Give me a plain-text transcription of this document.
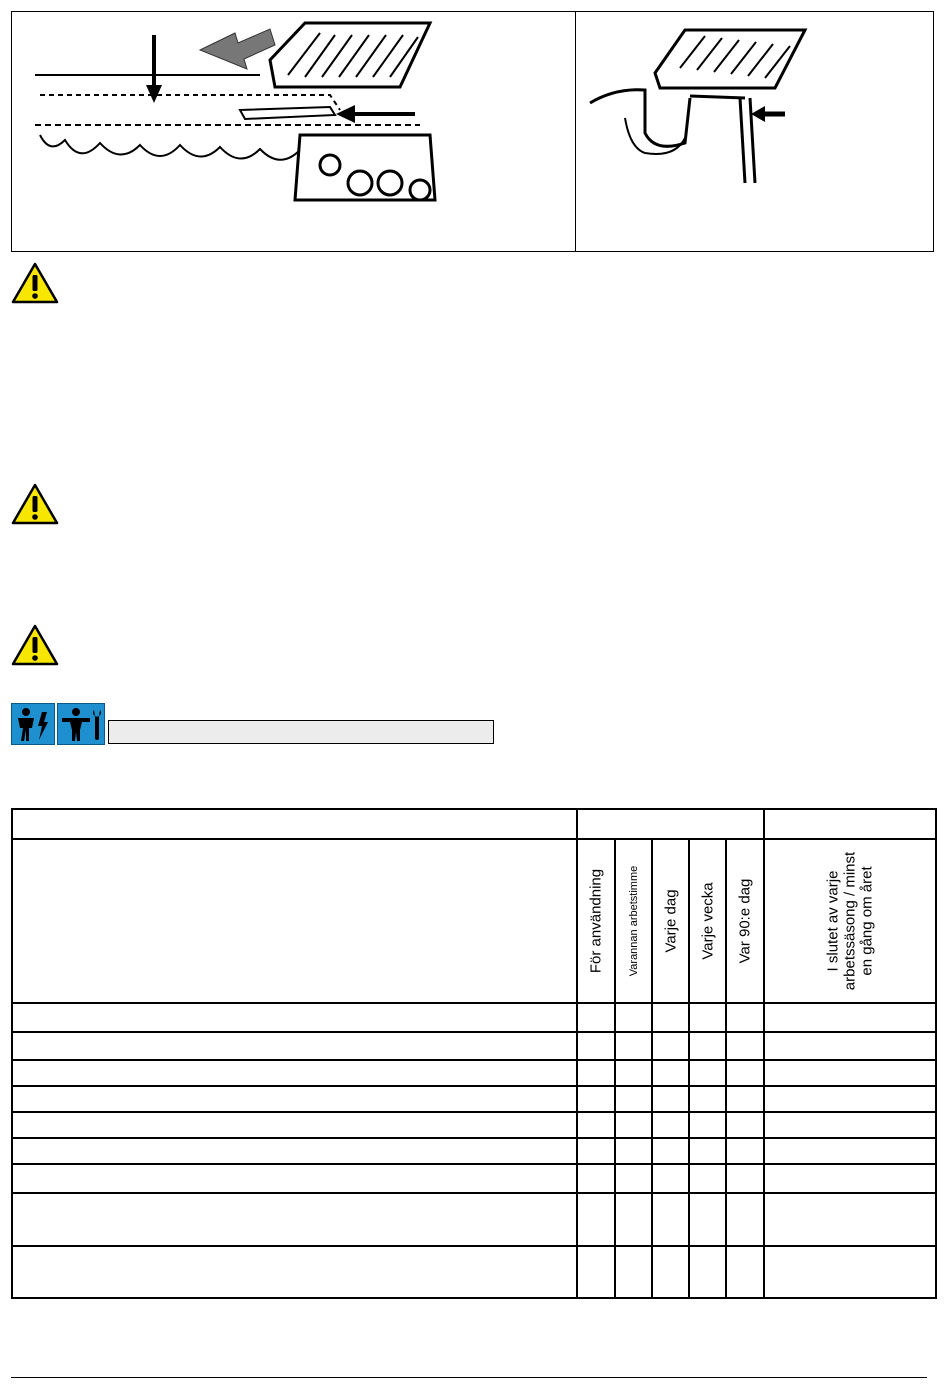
	För användning	Varannan arbetstimme	Varje dag	Varje vecka	Var 90:e dag	I slutet av varje arbetssäsong / minst en gång om året
